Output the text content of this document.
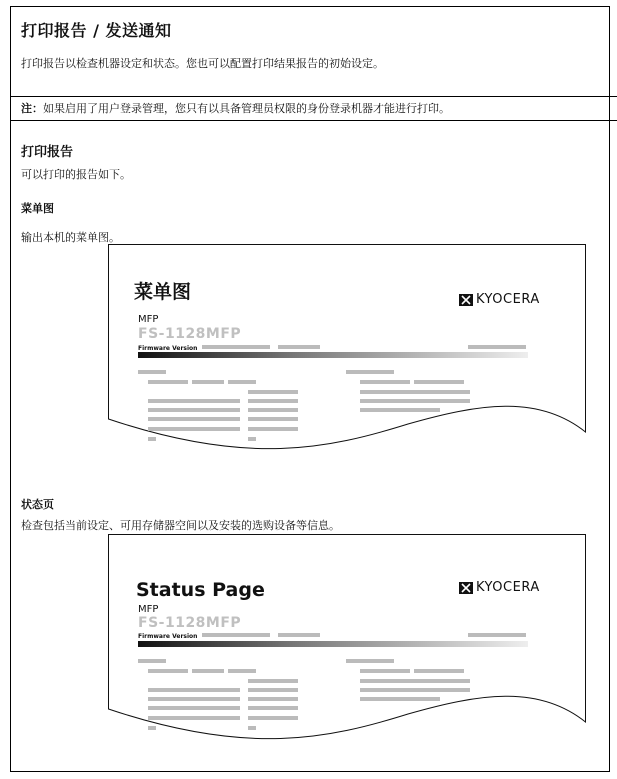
打印报告 / 发送通知
打印报告以检查机器设定和状态。您也可以配置打印结果报告的初始设定。
注：如果启用了用户登录管理，您只有以具备管理员权限的身份登录机器才能进行打印。
打印报告
可以打印的报告如下。
菜单图
输出本机的菜单图。
菜单图	KYOCERA
MFP
FS-1128MFP
Firmware Version
状态页
检查包括当前设定、可用存储器空间以及安装的选购设备等信息。
Status Page	KYOCERA
MFP
FS-1128MFP
Firmware Version
